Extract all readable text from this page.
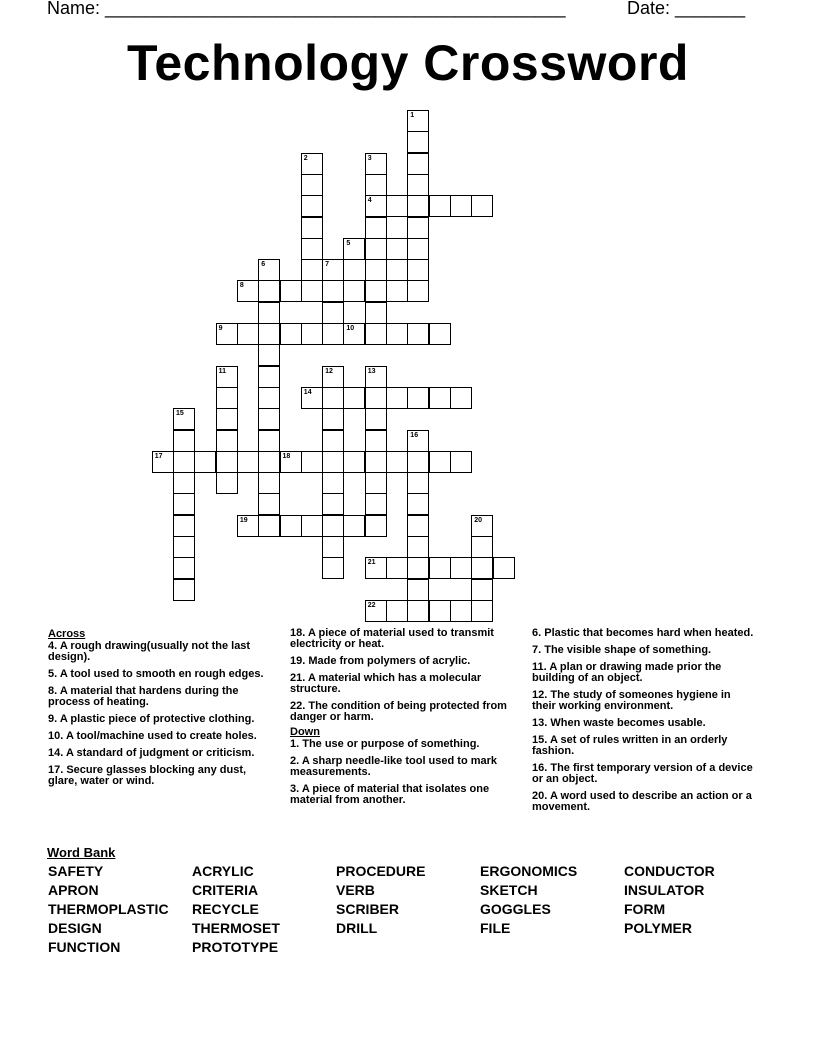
Name: ______________________________________________	Date: _______
Technology Crossword
1
2	3
4
5
6	7
8
9	10
11	12	13
14
15
16
17	18
19	20
21
22
Across
4. A rough drawing(usually not the last design).
5. A tool used to smooth en rough edges.
8. A material that hardens during the process of heating.
9. A plastic piece of protective clothing.
10. A tool/machine used to create holes.
14. A standard of judgment or criticism.
17. Secure glasses blocking any dust, glare, water or wind.
18. A piece of material used to transmit electricity or heat.
19. Made from polymers of acrylic.
21. A material which has a molecular structure.
22. The condition of being protected from danger or harm.
Down
1. The use or purpose of something.
2. A sharp needle-like tool used to mark measurements.
3. A piece of material that isolates one material from another.
6. Plastic that becomes hard when heated.
7. The visible shape of something.
11. A plan or drawing made prior the building of an object.
12. The study of someones hygiene in their working environment.
13. When waste becomes usable.
15. A set of rules written in an orderly fashion.
16. The first temporary version of a device or an object.
20. A word used to describe an action or a movement.
Word Bank
SAFETY
APRON
THERMOPLASTIC
DESIGN
FUNCTION
ACRYLIC
CRITERIA
RECYCLE
THERMOSET
PROTOTYPE
PROCEDURE
VERB
SCRIBER
DRILL
ERGONOMICS
SKETCH
GOGGLES
FILE
CONDUCTOR
INSULATOR
FORM
POLYMER
